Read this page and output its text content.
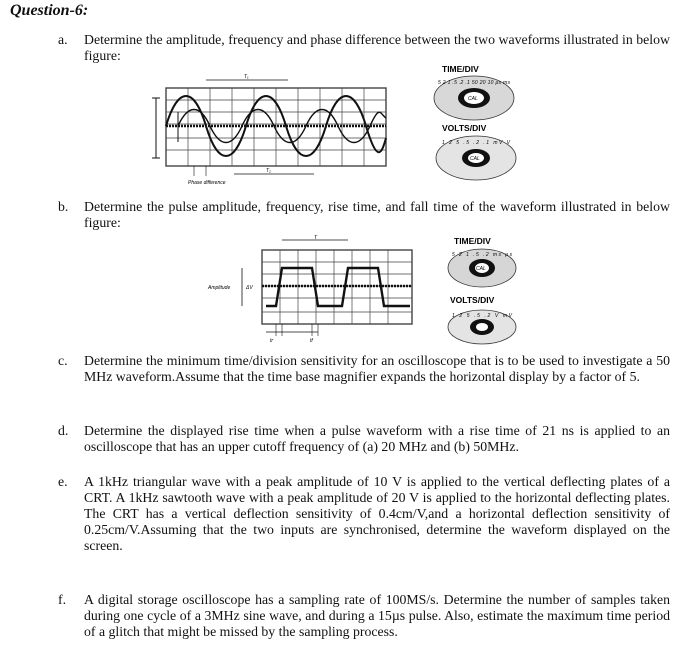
Question-6:
a. Determine the amplitude, frequency and phase difference between the two waveforms illustrated in below figure:
T₁
T₂
Phase difference
TIME/DIV
CAL
5 2 1 .5 .2 .1 50 20 10 μs ms
VOLTS/DIV
CAL
1 2 5 .5 .2 .1 mV V
b. Determine the pulse amplitude, frequency, rise time, and fall time of the waveform illustrated in below figure:
T
Amplitude	ΔV
tr	tf
TIME/DIV
CAL
5 2 1 .5 .2 ms μs
VOLTS/DIV
1 2 5 .5 .2 V mV
c. Determine the minimum time/division sensitivity for an oscilloscope that is to be used to investigate a 50 MHz waveform.Assume that the time base magnifier expands the horizontal display by a factor of 5.
d. Determine the displayed rise time when a pulse waveform with a rise time of 21 ns is applied to an oscilloscope that has an upper cutoff frequency of (a) 20 MHz and (b) 50MHz.
e. A 1kHz triangular wave with a peak amplitude of 10 V is applied to the vertical deflecting plates of a CRT. A 1kHz sawtooth wave with a peak amplitude of 20 V is applied to the horizontal deflecting plates. The CRT has a vertical deflection sensitivity of 0.4cm/V,and a horizontal deflection sensitivity of 0.25cm/V.Assuming that the two inputs are synchronised, determine the waveform displayed on the screen.
f. A digital storage oscilloscope has a sampling rate of 100MS/s. Determine the number of samples taken during one cycle of a 3MHz sine wave, and during a 15µs pulse. Also, estimate the maximum time period of a glitch that might be missed by the sampling process.
